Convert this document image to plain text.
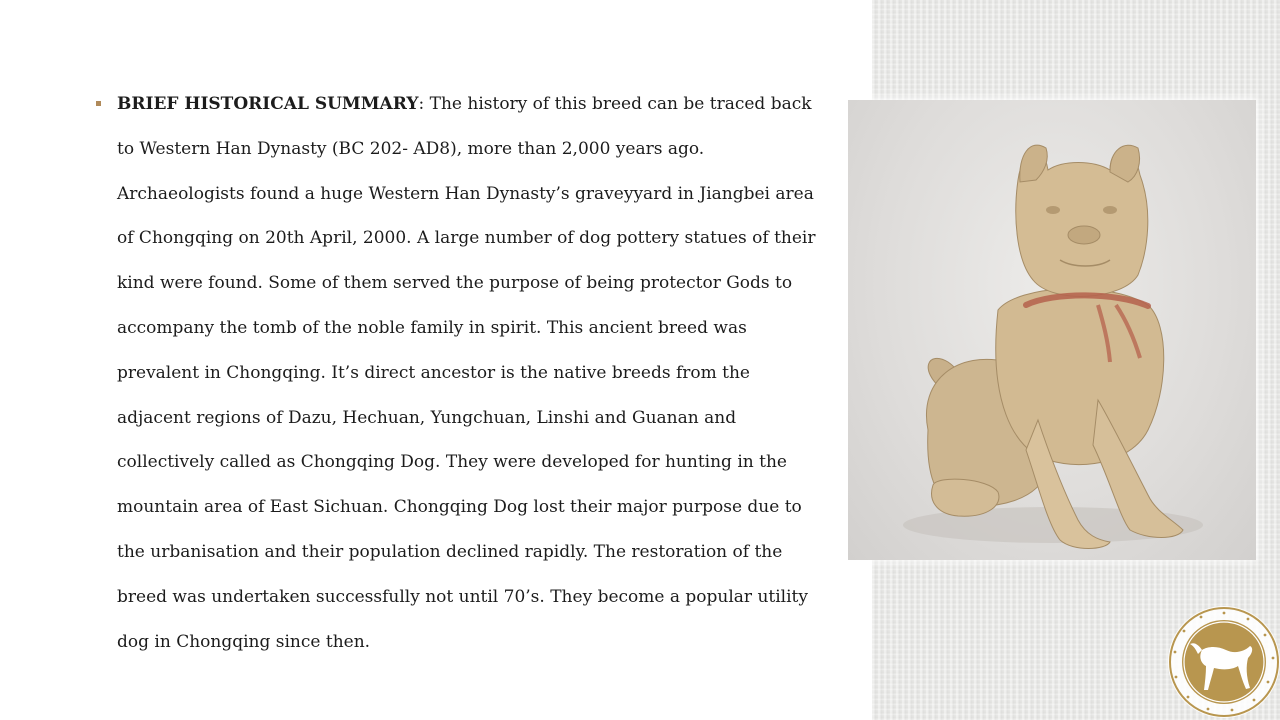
BRIEF HISTORICAL SUMMARY: The history of this breed can be traced back
to Western Han Dynasty (BC 202- AD8), more than 2,000 years ago.
Archaeologists found a huge Western Han Dynasty’s graveyyard in Jiangbei area
of Chongqing on 20th April, 2000. A large number of dog pottery statues of their
kind were found. Some of them served the purpose of being protector Gods to
accompany the tomb of the noble family in spirit. This ancient breed was
prevalent in Chongqing. It’s direct ancestor is the native breeds from the
adjacent regions of Dazu, Hechuan, Yungchuan, Linshi and Guanan and
collectively called as Chongqing Dog. They were developed for hunting in the
mountain area of East Sichuan. Chongqing Dog lost their major purpose due to
the urbanisation and their population declined rapidly. The restoration of the
breed was undertaken successfully not until 70’s. They become a popular utility
dog in Chongqing since then.
